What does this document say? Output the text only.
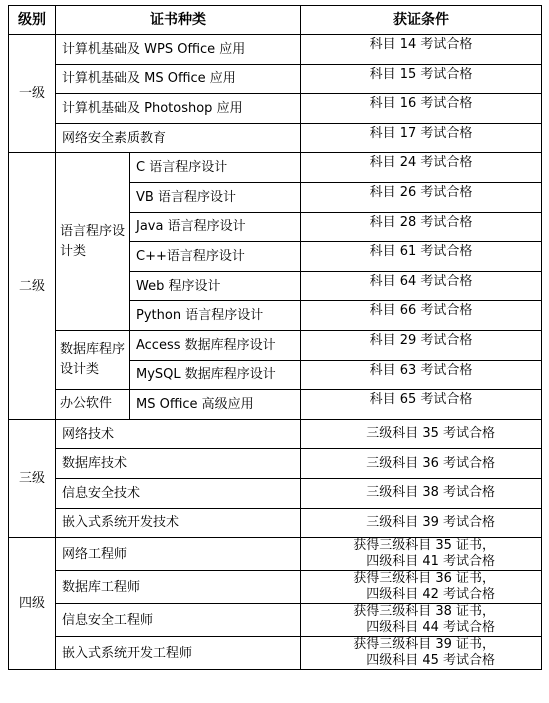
级别	证书种类		获证条件
一级	计算机基础及 WPS Office 应用		科目 14 考试合格
	计算机基础及 MS Office 应用		科目 15 考试合格
	计算机基础及 Photoshop 应用		科目 16 考试合格
	网络安全素质教育		科目 17 考试合格
二级	语言程序设计类	C 语言程序设计	科目 24 考试合格
		VB 语言程序设计	科目 26 考试合格
		Java 语言程序设计	科目 28 考试合格
		C++语言程序设计	科目 61 考试合格
		Web 程序设计	科目 64 考试合格
		Python 语言程序设计	科目 66 考试合格
	数据库程序设计类	Access 数据库程序设计	科目 29 考试合格
		MySQL 数据库程序设计	科目 63 考试合格
	办公软件	MS Office 高级应用	科目 65 考试合格
三级	网络技术		三级科目 35 考试合格
	数据库技术		三级科目 36 考试合格
	信息安全技术		三级科目 38 考试合格
	嵌入式系统开发技术		三级科目 39 考试合格
四级	网络工程师		获得三级科目 35 证书，
四级科目 41 考试合格

	数据库工程师		获得三级科目 36 证书，
四级科目 42 考试合格

	信息安全工程师		获得三级科目 38 证书，
四级科目 44 考试合格

	嵌入式系统开发工程师		获得三级科目 39 证书，
四级科目 45 考试合格
